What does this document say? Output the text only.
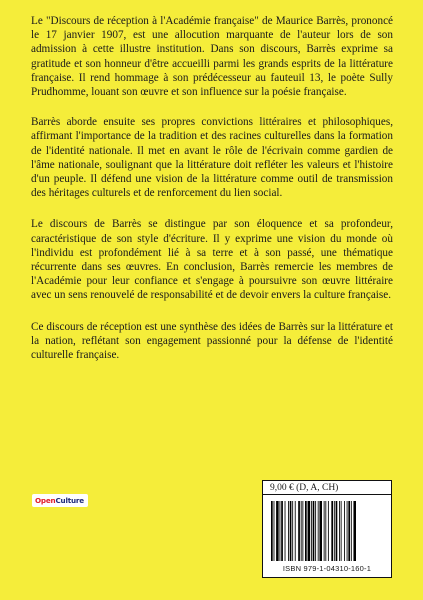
Le "Discours de réception à l'Académie française" de Maurice Barrès, prononcé le 17 janvier 1907, est une allocution marquante de l'auteur lors de son admission à cette illustre institution. Dans son discours, Barrès exprime sa gratitude et son honneur d'être accueilli parmi les grands esprits de la littérature française. Il rend hommage à son prédécesseur au fauteuil 13, le poète Sully Prudhomme, louant son œuvre et son influence sur la poésie française.

Barrès aborde ensuite ses propres convictions littéraires et philosophiques, affirmant l'importance de la tradition et des racines culturelles dans la formation de l'identité nationale. Il met en avant le rôle de l'écrivain comme gardien de l'âme nationale, soulignant que la littérature doit refléter les valeurs et l'histoire d'un peuple. Il défend une vision de la littérature comme outil de transmission des héritages culturels et de renforcement du lien social.

Le discours de Barrès se distingue par son éloquence et sa profondeur, caractéristique de son style d'écriture. Il y exprime une vision du monde où l'individu est profondément lié à sa terre et à son passé, une thématique récurrente dans ses œuvres. En conclusion, Barrès remercie les membres de l'Académie pour leur confiance et s'engage à poursuivre son œuvre littéraire avec un sens renouvelé de responsabilité et de devoir envers la culture française.

Ce discours de réception est une synthèse des idées de Barrès sur la littérature et la nation, reflétant son engagement passionné pour la défense de l'identité culturelle française.

OpenCulture
9,00 € (D, A, CH)
ISBN 979-1-04310-160-1
